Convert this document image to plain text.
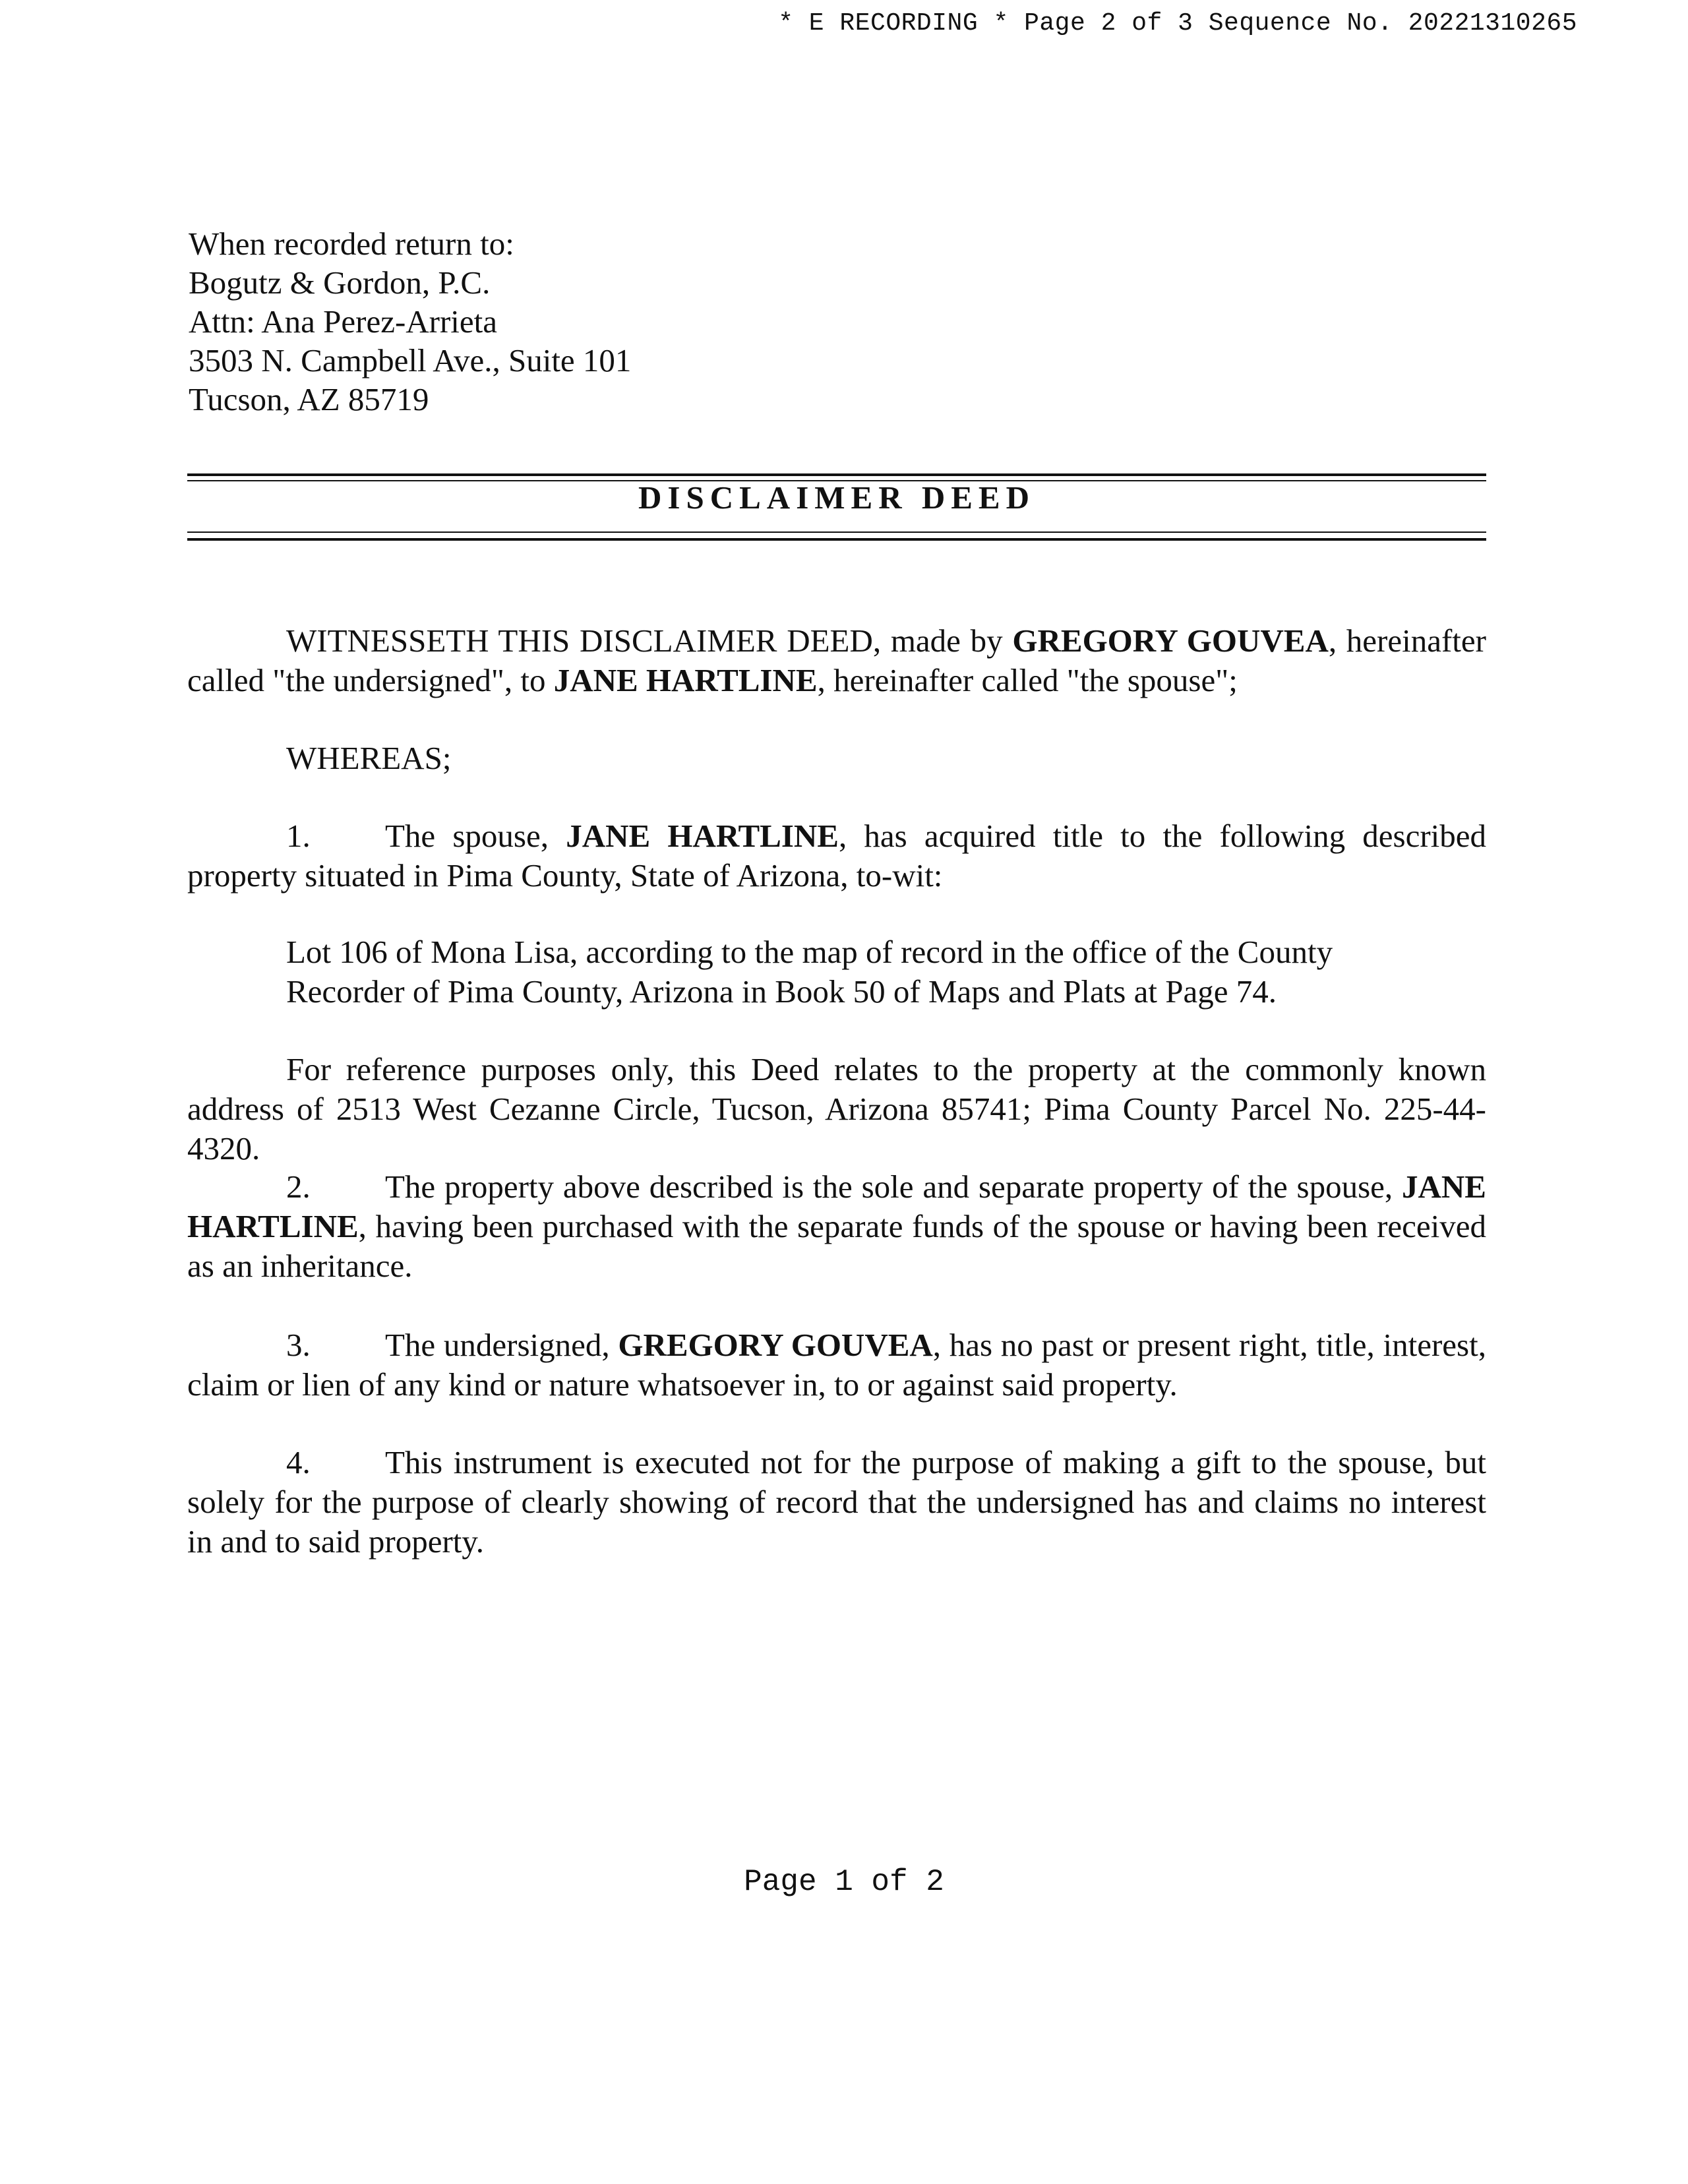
* E RECORDING * Page 2 of 3 Sequence No. 20221310265
When recorded return to:
Bogutz & Gordon, P.C.
Attn: Ana Perez-Arrieta
3503 N. Campbell Ave., Suite 101
Tucson, AZ 85719
DISCLAIMER DEED

WITNESSETH THIS DISCLAIMER DEED, made by GREGORY GOUVEA, hereinafter called "the undersigned", to JANE HARTLINE, hereinafter called "the spouse";

WHEREAS;

1. The spouse, JANE HARTLINE, has acquired title to the following described property situated in Pima County, State of Arizona, to-wit:

Lot 106 of Mona Lisa, according to the map of record in the office of the County Recorder of Pima County, Arizona in Book 50 of Maps and Plats at Page 74.

For reference purposes only, this Deed relates to the property at the commonly known address of 2513 West Cezanne Circle, Tucson, Arizona 85741; Pima County Parcel No. 225-44-4320.

2. The property above described is the sole and separate property of the spouse, JANE HARTLINE, having been purchased with the separate funds of the spouse or having been received as an inheritance.

3. The undersigned, GREGORY GOUVEA, has no past or present right, title, interest, claim or lien of any kind or nature whatsoever in, to or against said property.

4. This instrument is executed not for the purpose of making a gift to the spouse, but solely for the purpose of clearly showing of record that the undersigned has and claims no interest in and to said property.

Page 1 of 2
